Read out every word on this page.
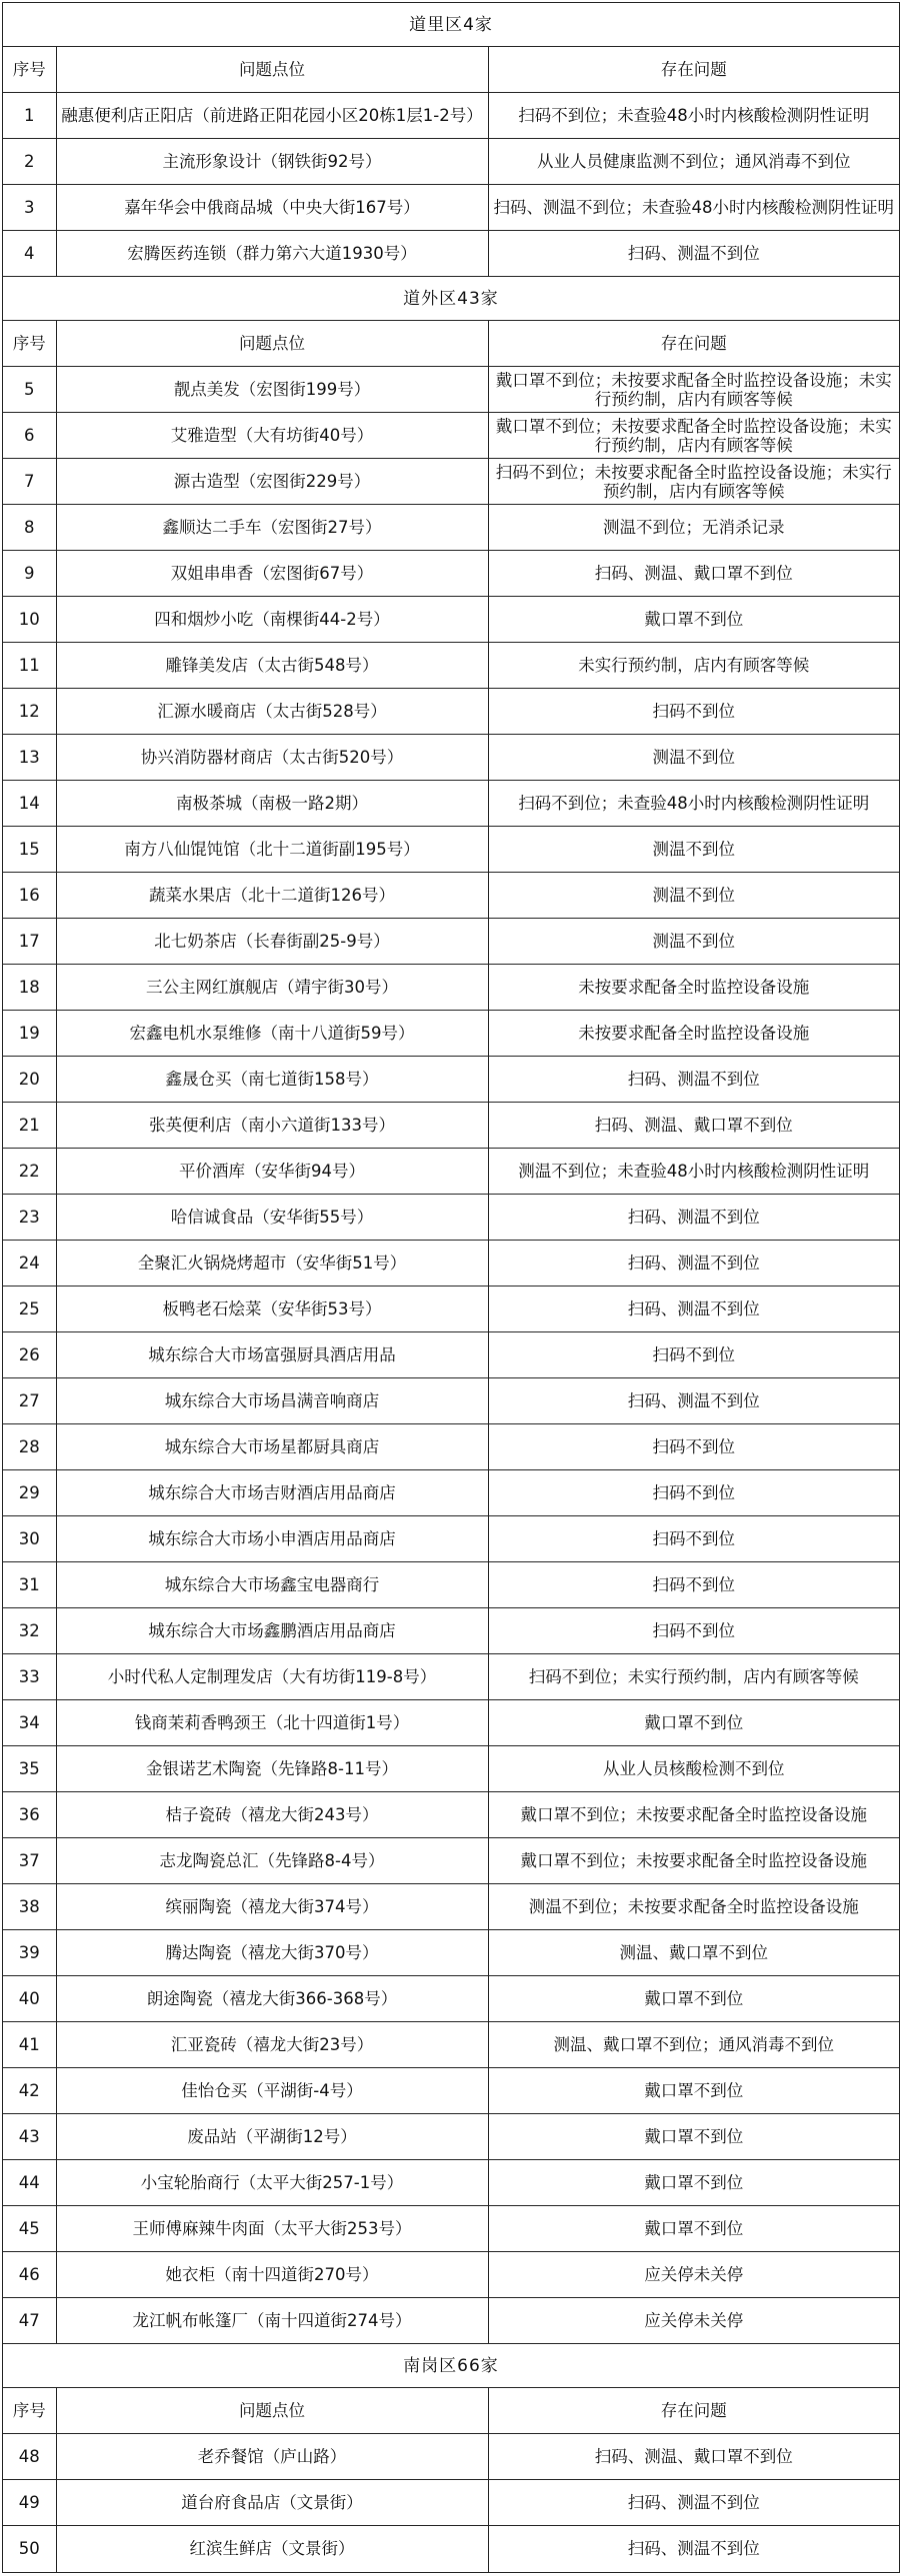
道里区4家		
序号	问题点位	存在问题
1	融惠便利店正阳店（前进路正阳花园小区20栋1层1-2号）	扫码不到位；未查验48小时内核酸检测阴性证明
2	主流形象设计（钢铁街92号）	从业人员健康监测不到位；通风消毒不到位
3	嘉年华会中俄商品城（中央大街167号）	扫码、测温不到位；未查验48小时内核酸检测阴性证明
4	宏腾医药连锁（群力第六大道1930号）	扫码、测温不到位
道外区43家		
序号	问题点位	存在问题
5	靓点美发（宏图街199号）	戴口罩不到位；未按要求配备全时监控设备设施；未实行预约制，店内有顾客等候
6	艾雅造型（大有坊街40号）	戴口罩不到位；未按要求配备全时监控设备设施；未实行预约制，店内有顾客等候
7	源古造型（宏图街229号）	扫码不到位；未按要求配备全时监控设备设施；未实行预约制，店内有顾客等候
8	鑫顺达二手车（宏图街27号）	测温不到位；无消杀记录
9	双姐串串香（宏图街67号）	扫码、测温、戴口罩不到位
10	四和烟炒小吃（南棵街44-2号）	戴口罩不到位
11	雕锋美发店（太古街548号）	未实行预约制，店内有顾客等候
12	汇源水暖商店（太古街528号）	扫码不到位
13	协兴消防器材商店（太古街520号）	测温不到位
14	南极茶城（南极一路2期）	扫码不到位；未查验48小时内核酸检测阴性证明
15	南方八仙馄饨馆（北十二道街副195号）	测温不到位
16	蔬菜水果店（北十二道街126号）	测温不到位
17	北七奶茶店（长春街副25-9号）	测温不到位
18	三公主网红旗舰店（靖宇街30号）	未按要求配备全时监控设备设施
19	宏鑫电机水泵维修（南十八道街59号）	未按要求配备全时监控设备设施
20	鑫晟仓买（南七道街158号）	扫码、测温不到位
21	张英便利店（南小六道街133号）	扫码、测温、戴口罩不到位
22	平价酒库（安华街94号）	测温不到位；未查验48小时内核酸检测阴性证明
23	哈信诚食品（安华街55号）	扫码、测温不到位
24	全聚汇火锅烧烤超市（安华街51号）	扫码、测温不到位
25	板鸭老石烩菜（安华街53号）	扫码、测温不到位
26	城东综合大市场富强厨具酒店用品	扫码不到位
27	城东综合大市场昌满音响商店	扫码、测温不到位
28	城东综合大市场星都厨具商店	扫码不到位
29	城东综合大市场吉财酒店用品商店	扫码不到位
30	城东综合大市场小申酒店用品商店	扫码不到位
31	城东综合大市场鑫宝电器商行	扫码不到位
32	城东综合大市场鑫鹏酒店用品商店	扫码不到位
33	小时代私人定制理发店（大有坊街119-8号）	扫码不到位；未实行预约制，店内有顾客等候
34	钱商茉莉香鸭颈王（北十四道街1号）	戴口罩不到位
35	金银诺艺术陶瓷（先锋路8-11号）	从业人员核酸检测不到位
36	桔子瓷砖（禧龙大街243号）	戴口罩不到位；未按要求配备全时监控设备设施
37	志龙陶瓷总汇（先锋路8-4号）	戴口罩不到位；未按要求配备全时监控设备设施
38	缤丽陶瓷（禧龙大街374号）	测温不到位；未按要求配备全时监控设备设施
39	腾达陶瓷（禧龙大街370号）	测温、戴口罩不到位
40	朗途陶瓷（禧龙大街366-368号）	戴口罩不到位
41	汇亚瓷砖（禧龙大街23号）	测温、戴口罩不到位；通风消毒不到位
42	佳怡仓买（平湖街-4号）	戴口罩不到位
43	废品站（平湖街12号）	戴口罩不到位
44	小宝轮胎商行（太平大街257-1号）	戴口罩不到位
45	王师傅麻辣牛肉面（太平大街253号）	戴口罩不到位
46	她衣柜（南十四道街270号）	应关停未关停
47	龙江帆布帐篷厂（南十四道街274号）	应关停未关停
南岗区66家		
序号	问题点位	存在问题
48	老乔餐馆（庐山路）	扫码、测温、戴口罩不到位
49	道台府食品店（文景街）	扫码、测温不到位
50	红滨生鲜店（文景街）	扫码、测温不到位
